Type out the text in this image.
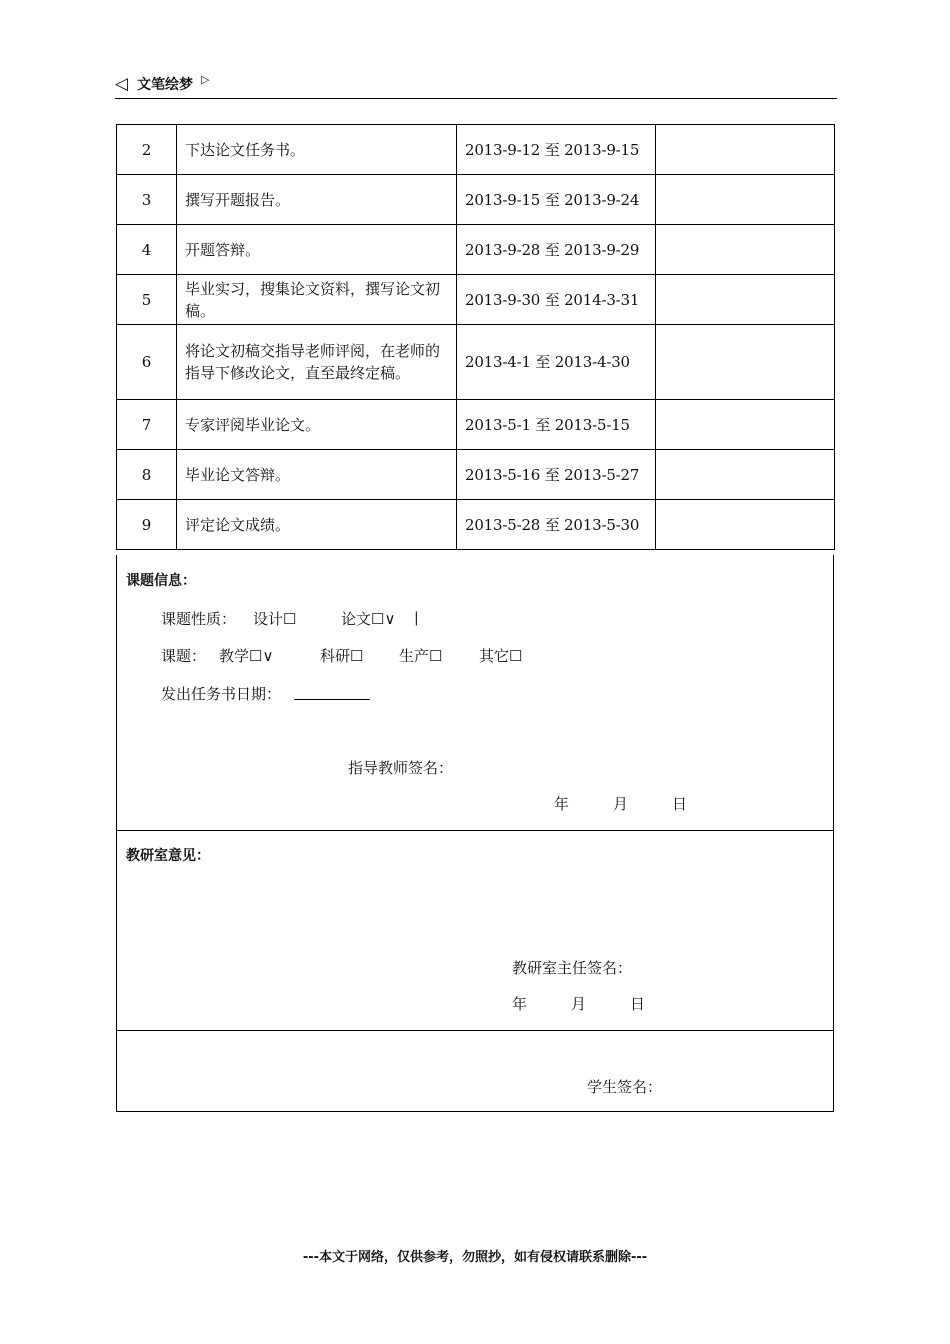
◁ 文笔绘梦 ▷
2	下达论文任务书。	2013-9-12 至 2013-9-15	
3	撰写开题报告。	2013-9-15 至 2013-9-24	
4	开题答辩。	2013-9-28 至 2013-9-29	
5	毕业实习，搜集论文资料，撰写论文初稿。	2013-9-30 至 2014-3-31	
6	将论文初稿交指导老师评阅，在老师的指导下修改论文，直至最终定稿。	2013-4-1 至 2013-4-30	
7	专家评阅毕业论文。	2013-5-1 至 2013-5-15	
8	毕业论文答辩。	2013-5-16 至 2013-5-27	
9	评定论文成绩。	2013-5-28 至 2013-5-30	
课题信息：
课题性质： 设计☐	论文☐∨ |
课题： 教学☐∨	科研☐ 生产☐ 其它☐
发出任务书日期：
指导教师签名：
年	月	日
教研室意见：
教研室主任签名：
年	月	日
学生签名：
---本文于网络，仅供参考，勿照抄，如有侵权请联系删除---
